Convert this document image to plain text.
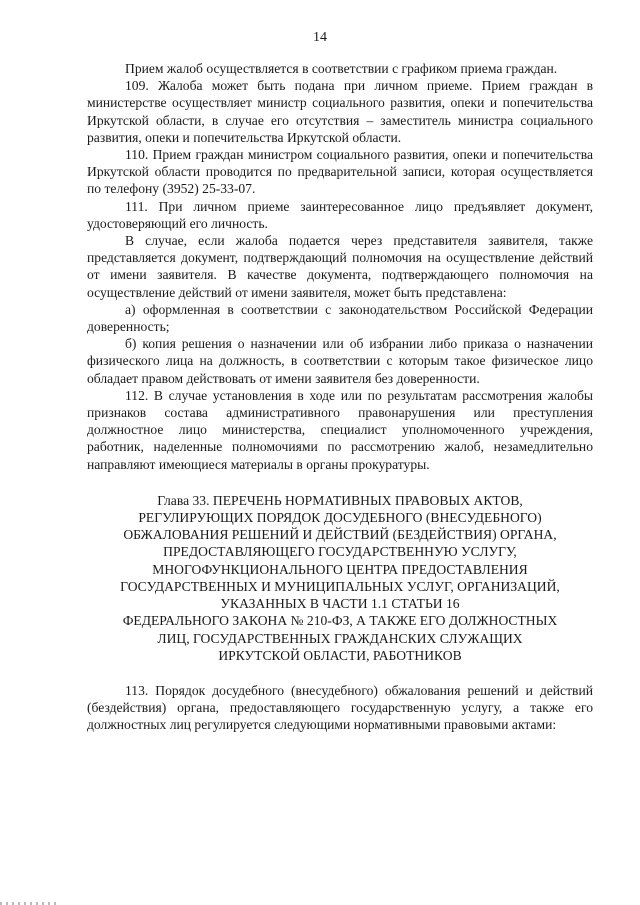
14

Прием жалоб осуществляется в соответствии с графиком приема граждан.

109. Жалоба может быть подана при личном приеме. Прием граждан в министерстве осуществляет министр социального развития, опеки и попечительства Иркутской области, в случае его отсутствия – заместитель министра социального развития, опеки и попечительства Иркутской области.

110. Прием граждан министром социального развития, опеки и попечительства Иркутской области проводится по предварительной записи, которая осуществляется по телефону (3952) 25-33-07.

111. При личном приеме заинтересованное лицо предъявляет документ, удостоверяющий его личность.

В случае, если жалоба подается через представителя заявителя, также представляется документ, подтверждающий полномочия на осуществление действий от имени заявителя. В качестве документа, подтверждающего полномочия на осуществление действий от имени заявителя, может быть представлена:

а) оформленная в соответствии с законодательством Российской Федерации доверенность;

б) копия решения о назначении или об избрании либо приказа о назначении физического лица на должность, в соответствии с которым такое физическое лицо обладает правом действовать от имени заявителя без доверенности.

112. В случае установления в ходе или по результатам рассмотрения жалобы признаков состава административного правонарушения или преступления должностное лицо министерства, специалист уполномоченного учреждения, работник, наделенные полномочиями по рассмотрению жалоб, незамедлительно направляют имеющиеся материалы в органы прокуратуры.

Глава 33. ПЕРЕЧЕНЬ НОРМАТИВНЫХ ПРАВОВЫХ АКТОВ,
РЕГУЛИРУЮЩИХ ПОРЯДОК ДОСУДЕБНОГО (ВНЕСУДЕБНОГО)
ОБЖАЛОВАНИЯ РЕШЕНИЙ И ДЕЙСТВИЙ (БЕЗДЕЙСТВИЯ) ОРГАНА,
ПРЕДОСТАВЛЯЮЩЕГО ГОСУДАРСТВЕННУЮ УСЛУГУ,
МНОГОФУНКЦИОНАЛЬНОГО ЦЕНТРА ПРЕДОСТАВЛЕНИЯ
ГОСУДАРСТВЕННЫХ И МУНИЦИПАЛЬНЫХ УСЛУГ, ОРГАНИЗАЦИЙ,
УКАЗАННЫХ В ЧАСТИ 1.1 СТАТЬИ 16
ФЕДЕРАЛЬНОГО ЗАКОНА № 210-ФЗ, А ТАКЖЕ ЕГО ДОЛЖНОСТНЫХ
ЛИЦ, ГОСУДАРСТВЕННЫХ ГРАЖДАНСКИХ СЛУЖАЩИХ
ИРКУТСКОЙ ОБЛАСТИ, РАБОТНИКОВ

113. Порядок досудебного (внесудебного) обжалования решений и действий (бездействия) органа, предоставляющего государственную услугу, а также его должностных лиц регулируется следующими нормативными правовыми актами:
